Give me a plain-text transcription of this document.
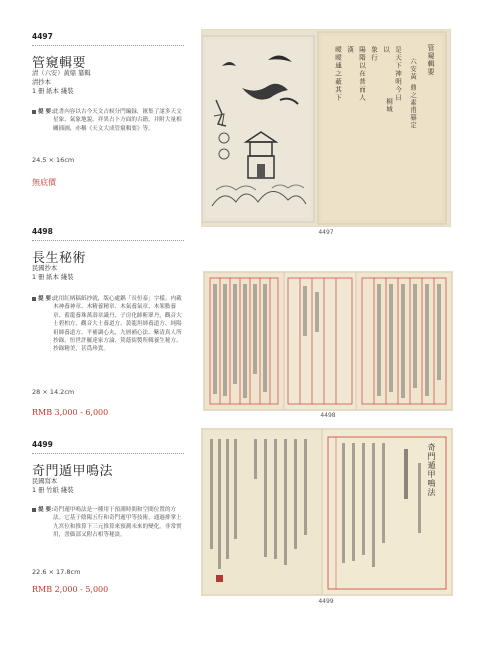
4497
管窺輯要
清（六安）黃鼎 纂輯
清抄本
1 冊 紙本 綫裝
提 要：
此書內容以古今天文占候分門編録，匯集了諸多天文星象、氣象地貌、祥異占卜方面的古籍，并附大量相關插圖，亦稱《天文大成管窺輯要》等。
24.5 × 16cm
無底價
管窺輯要
六安黃 鼎之素甫纂定
桐城
曖曖連之蔽其下 漢 陽隋以在昔而人 象行 以 是天下神明今日
4497
4498
長生秘術
民國抄本
1 冊 紙本 綫裝
提 要：
此用紅柄稿紙抄就，版心處鐫「長恒泰」字樣。内載木神養神章、木精養精章、木氣養氣章、木架點養章、蓄龍養珠萬壽章識丹、子房化師斬眾丹，觀音大士碧柏方、觀音大士養道方、黃龍坦師養道方、純陽祖師養道方、平補調心丸、九層補心法、紫清真人所抄錄、恒世許羅達家方論、篤蔭街製所輯養生秘方、抄錄精美，甚爲珍貴。
28 × 14.2cm
RMB 3,000 - 6,000	4498
4499
奇門遁甲鳴法
民國寫本
1 冊 竹紙 綫裝
提 要：
奇門遁甲鳴法是一種用于預測時間和空間位置的方法。它基于陰陽五行和奇門遁甲等技術，通過排掌上九宮位和推算下三元推算來預測未來的變化。非常實用，書価部又附占相等秘訣。
22.6 × 17.8cm
RMB 2,000 - 5,000
奇門遁甲鳴法
4499
